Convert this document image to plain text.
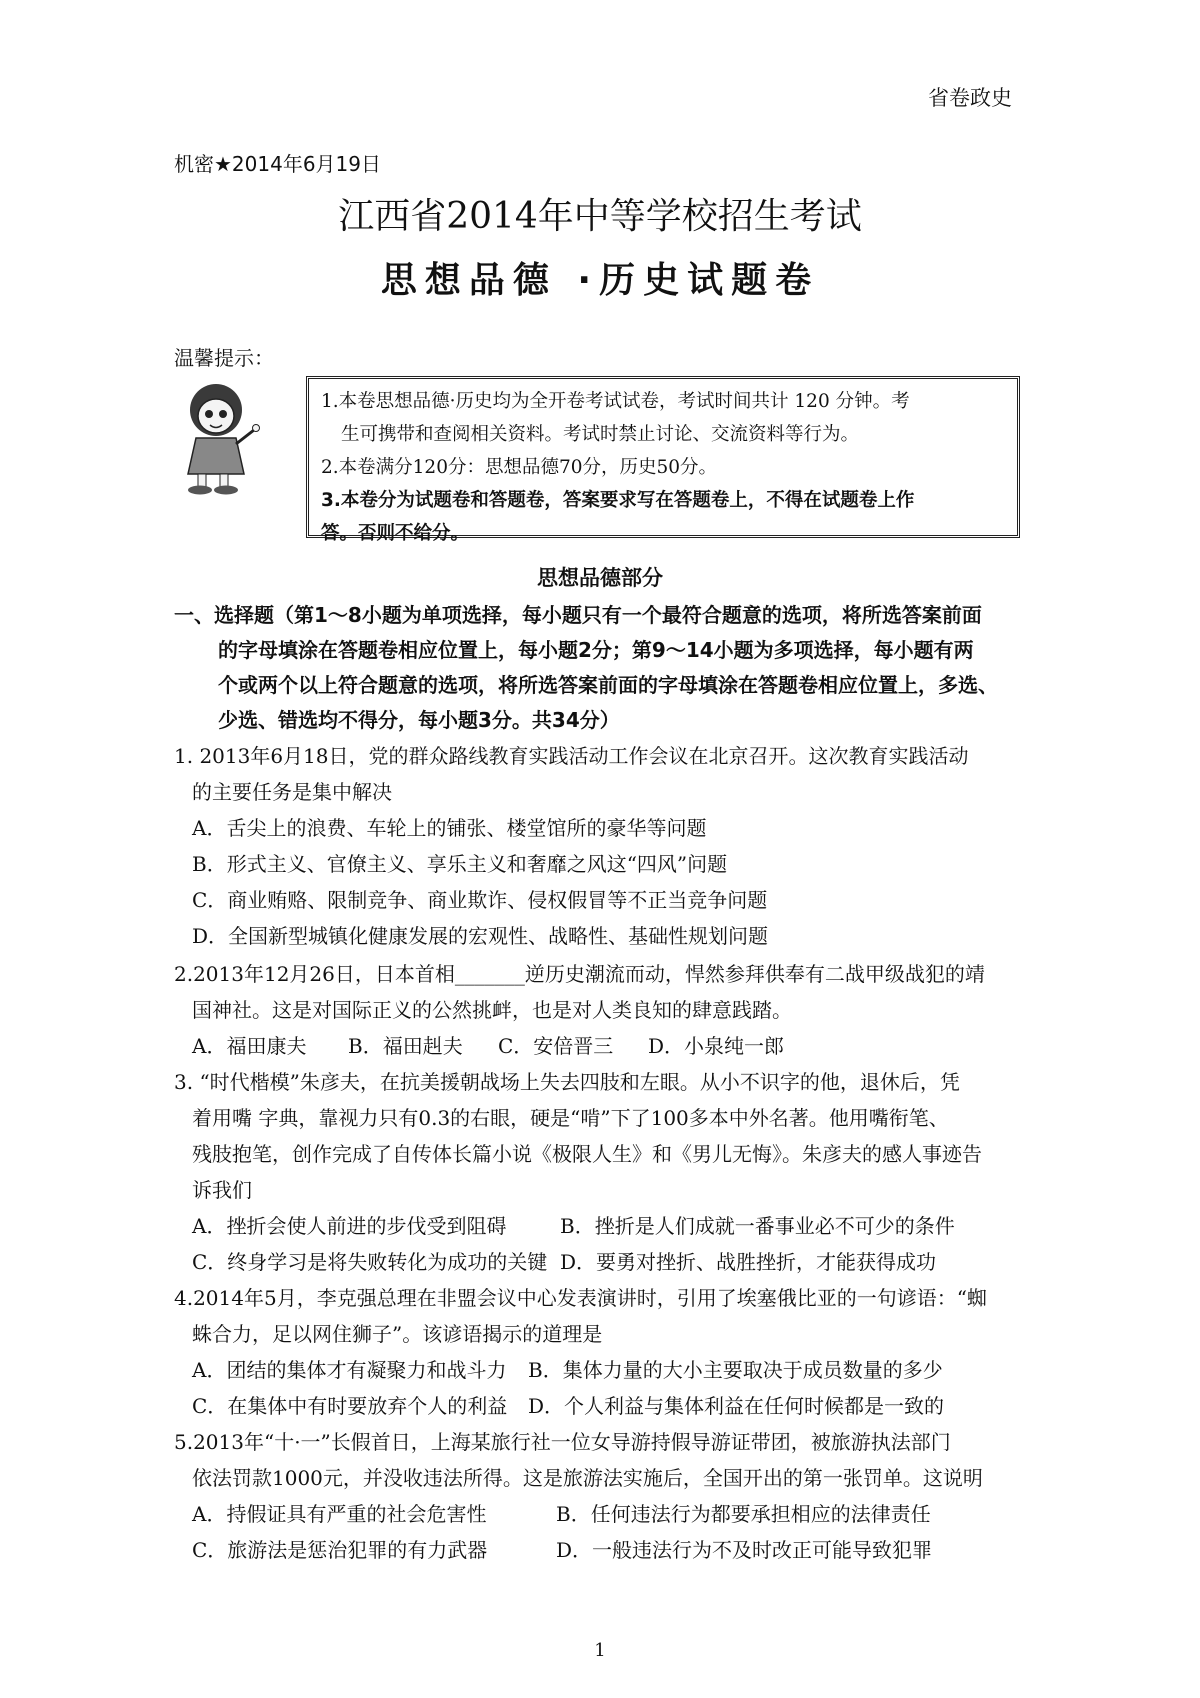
省卷政史
机密★2014年6月19日
江西省2014年中等学校招生考试
思想品德 ·历史试题卷
温馨提示：
1.本卷思想品德·历史均为全开卷考试试卷，考试时间共计 120 分钟。考
生可携带和查阅相关资料。考试时禁止讨论、交流资料等行为。
2.本卷满分120分：思想品德70分，历史50分。
3.本卷分为试题卷和答题卷，答案要求写在答题卷上，不得在试题卷上作
答。否则不给分。
思想品德部分
一、选择题（第1～8小题为单项选择，每小题只有一个最符合题意的选项，将所选答案前面
的字母填涂在答题卷相应位置上，每小题2分；第9～14小题为多项选择，每小题有两
个或两个以上符合题意的选项，将所选答案前面的字母填涂在答题卷相应位置上，多选、
少选、错选均不得分，每小题3分。共34分）
1. 2013年6月18日，党的群众路线教育实践活动工作会议在北京召开。这次教育实践活动
的主要任务是集中解决
A．舌尖上的浪费、车轮上的铺张、楼堂馆所的豪华等问题
B．形式主义、官僚主义、享乐主义和奢靡之风这“四风”问题
C．商业贿赂、限制竞争、商业欺诈、侵权假冒等不正当竞争问题
D．全国新型城镇化健康发展的宏观性、战略性、基础性规划问题
2.2013年12月26日，日本首相_______逆历史潮流而动，悍然参拜供奉有二战甲级战犯的靖
国神社。这是对国际正义的公然挑衅，也是对人类良知的肆意践踏。
A．福田康夫 B．福田赳夫 C．安倍晋三 D．小泉纯一郎
3. “时代楷模”朱彦夫，在抗美援朝战场上失去四肢和左眼。从小不识字的他，退休后，凭
着用嘴 字典，靠视力只有0.3的右眼，硬是“啃”下了100多本中外名著。他用嘴衔笔、
残肢抱笔，创作完成了自传体长篇小说《极限人生》和《男儿无悔》。朱彦夫的感人事迹告
诉我们
A．挫折会使人前进的步伐受到阻碍	B．挫折是人们成就一番事业必不可少的条件
C．终身学习是将失败转化为成功的关键 D．要勇对挫折、战胜挫折，才能获得成功
4.2014年5月，李克强总理在非盟会议中心发表演讲时，引用了埃塞俄比亚的一句谚语：“蜘
蛛合力，足以网住狮子”。该谚语揭示的道理是
A．团结的集体才有凝聚力和战斗力 B．集体力量的大小主要取决于成员数量的多少
C．在集体中有时要放弃个人的利益 D．个人利益与集体利益在任何时候都是一致的
5.2013年“十·一”长假首日，上海某旅行社一位女导游持假导游证带团，被旅游执法部门
依法罚款1000元，并没收违法所得。这是旅游法实施后，全国开出的第一张罚单。这说明
A．持假证具有严重的社会危害性	B．任何违法行为都要承担相应的法律责任
C．旅游法是惩治犯罪的有力武器	D．一般违法行为不及时改正可能导致犯罪
1
